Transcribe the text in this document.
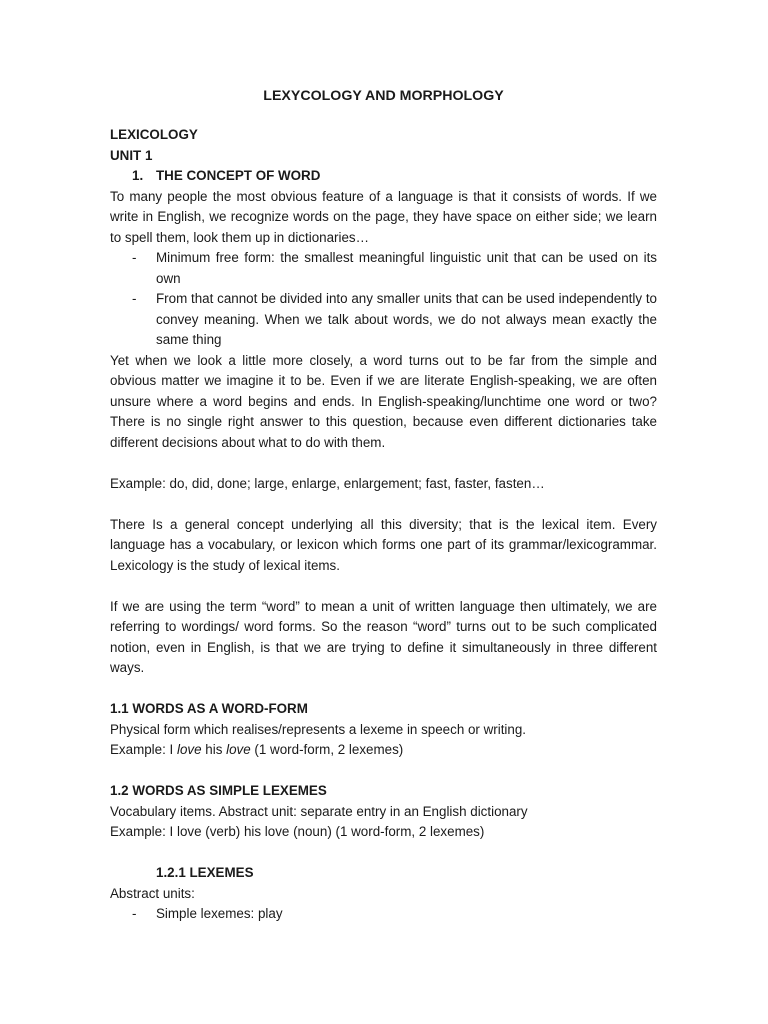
LEXYCOLOGY AND MORPHOLOGY

LEXICOLOGY

UNIT 1

1. THE CONCEPT OF WORD

To many people the most obvious feature of a language is that it consists of words. If we write in English, we recognize words on the page, they have space on either side; we learn to spell them, look them up in dictionaries…

- Minimum free form: the smallest meaningful linguistic unit that can be used on its own
- From that cannot be divided into any smaller units that can be used independently to convey meaning. When we talk about words, we do not always mean exactly the same thing

Yet when we look a little more closely, a word turns out to be far from the simple and obvious matter we imagine it to be. Even if we are literate English-speaking, we are often unsure where a word begins and ends. In English-speaking/lunchtime one word or two? There is no single right answer to this question, because even different dictionaries take different decisions about what to do with them.

Example: do, did, done; large, enlarge, enlargement; fast, faster, fasten…

There Is a general concept underlying all this diversity; that is the lexical item. Every language has a vocabulary, or lexicon which forms one part of its grammar/lexicogrammar. Lexicology is the study of lexical items.

If we are using the term “word” to mean a unit of written language then ultimately, we are referring to wordings/ word forms. So the reason “word” turns out to be such complicated notion, even in English, is that we are trying to define it simultaneously in three different ways.

1.1 WORDS AS A WORD-FORM

Physical form which realises/represents a lexeme in speech or writing.

Example: I love his love (1 word-form, 2 lexemes)

1.2 WORDS AS SIMPLE LEXEMES

Vocabulary items. Abstract unit: separate entry in an English dictionary

Example: I love (verb) his love (noun) (1 word-form, 2 lexemes)

1.2.1 LEXEMES

Abstract units:

- Simple lexemes: play
